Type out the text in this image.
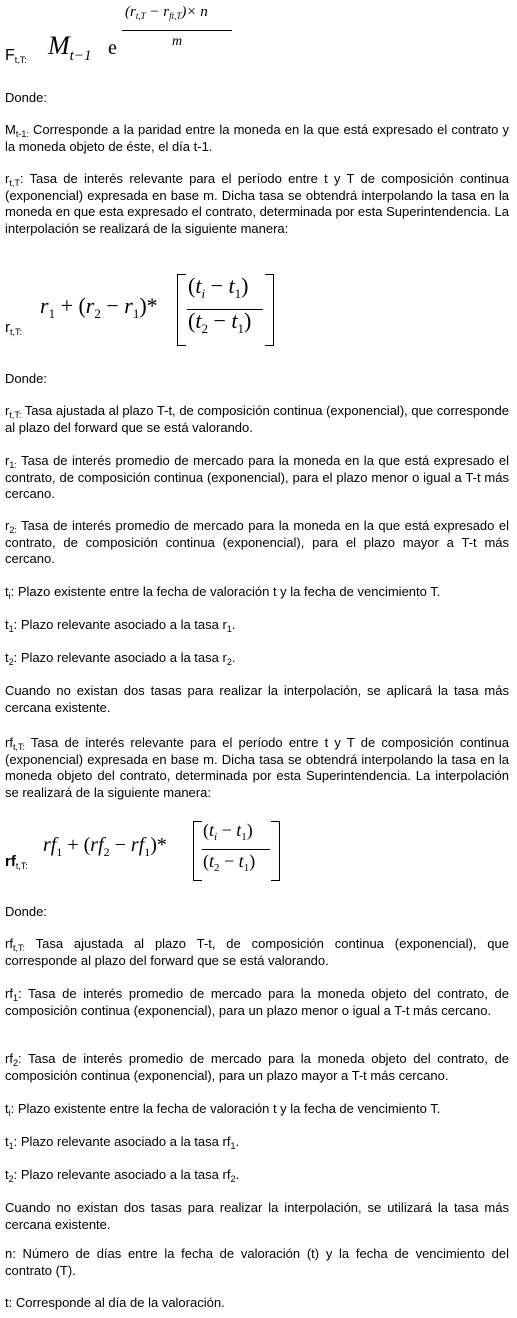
$F_{t,T:}$ $M_{t-1}$ e
$(r_{t,T} - r_{ft,T})\times n$
m
Donde:
$M_{t-1:}$ Corresponde a la paridad entre la moneda en la que está expresado el contrato y la moneda objeto de éste, el día t-1.
$r_{t,T}$: Tasa de interés relevante para el período entre t y T de composición continua (exponencial) expresada en base m. Dicha tasa se obtendrá interpolando la tasa en la moneda en que esta expresado el contrato, determinada por esta Superintendencia. La interpolación se realizará de la siguiente manera:
$r_{t,T:}$
$r_1 + (r_2 - r_1)*$
$(t_i - t_1)$
$(t_2 - t_1)$
Donde:
$r_{t,T:}$ Tasa ajustada al plazo T-t, de composición continua (exponencial), que corresponde al plazo del forward que se está valorando.
$r_{1:}$ Tasa de interés promedio de mercado para la moneda en la que está expresado el contrato, de composición continua (exponencial), para el plazo menor o igual a T-t más cercano.
$r_{2:}$ Tasa de interés promedio de mercado para la moneda en la que está expresado el contrato, de composición continua (exponencial), para el plazo mayor a T-t más cercano.
$t_i$: Plazo existente entre la fecha de valoración t y la fecha de vencimiento T.
$t_1$: Plazo relevante asociado a la tasa $r_1$.
$t_2$: Plazo relevante asociado a la tasa $r_2$.
Cuando no existan dos tasas para realizar la interpolación, se aplicará la tasa más cercana existente.
$rf_{t,T:}$ Tasa de interés relevante para el período entre t y T de composición continua (exponencial) expresada en base m. Dicha tasa se obtendrá interpolando la tasa en la moneda objeto del contrato, determinada por esta Superintendencia. La interpolación se realizará de la siguiente manera:
$rf_{t,T:}$
$rf_1 + (rf_2 - rf_1)*$
$(t_i - t_1)$
$(t_2 - t_1)$
Donde:
$rf_{t,T:}$ Tasa ajustada al plazo T-t, de composición continua (exponencial), que corresponde al plazo del forward que se está valorando.
$rf_1$: Tasa de interés promedio de mercado para la moneda objeto del contrato, de composición continua (exponencial), para un plazo menor o igual a T-t más cercano.
$rf_2$: Tasa de interés promedio de mercado para la moneda objeto del contrato, de composición continua (exponencial), para un plazo mayor a T-t más cercano.
$t_i$: Plazo existente entre la fecha de valoración t y la fecha de vencimiento T.
$t_1$: Plazo relevante asociado a la tasa $rf_1$.
$t_2$: Plazo relevante asociado a la tasa $rf_2$.
Cuando no existan dos tasas para realizar la interpolación, se utilizará la tasa más cercana existente.
n: Número de días entre la fecha de valoración (t) y la fecha de vencimiento del contrato (T).
t: Corresponde al día de la valoración.
